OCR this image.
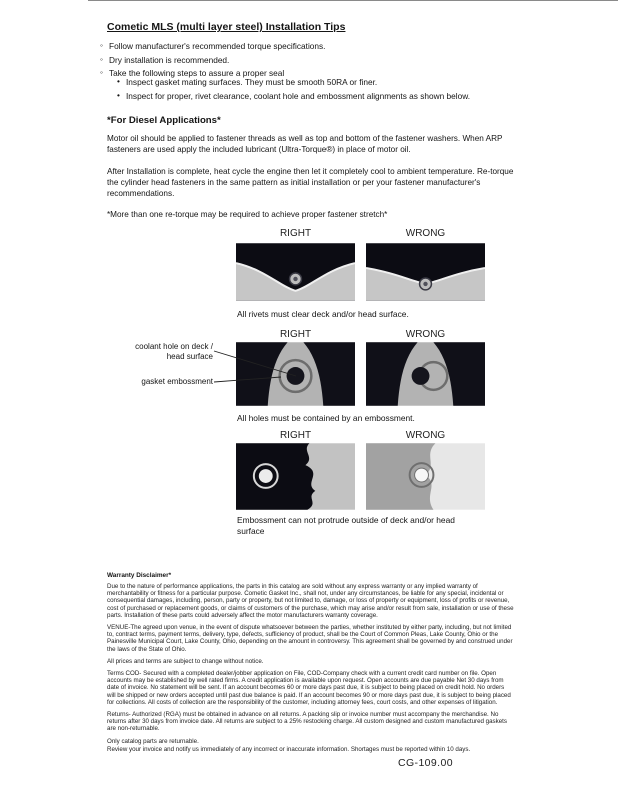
Cometic MLS (multi layer steel) Installation Tips
◦ Follow manufacturer's recommended torque specifications.
◦ Dry installation is recommended.
◦ Take the following steps to assure a proper seal
• Inspect gasket mating surfaces. They must be smooth 50RA or finer.
• Inspect for proper, rivet clearance, coolant hole and embossment alignments as shown below.
*For Diesel Applications*

Motor oil should be applied to fastener threads as well as top and bottom of the fastener washers. When ARP fasteners are used apply the included lubricant (Ultra-Torque®) in place of motor oil.

After Installation is complete, heat cycle the engine then let it completely cool to ambient temperature. Re-torque the cylinder head fasteners in the same pattern as initial installation or per your fastener manufacturer's recommendations.

*More than one re-torque may be required to achieve proper fastener stretch*

RIGHT	WRONG

All rivets must clear deck and/or head surface.

RIGHT	WRONG
coolant hole on deck / head surface
gasket embossment

All holes must be contained by an embossment.

RIGHT	WRONG

Embossment can not protrude outside of deck and/or head surface

Warranty Disclaimer*

Due to the nature of performance applications, the parts in this catalog are sold without any express warranty or any implied warranty of merchantability or fitness for a particular purpose. Cometic Gasket Inc., shall not, under any circumstances, be liable for any special, incidental or consequential damages, including, person, party or property, but not limited to, damage, or loss of property or equipment, loss of profits or revenue, cost of purchased or replacement goods, or claims of customers of the purchase, which may arise and/or result from sale, installation or use of these parts. Installation of these parts could adversely affect the motor manufacturers warranty coverage.

VENUE-The agreed upon venue, in the event of dispute whatsoever between the parties, whether instituted by either party, including, but not limited to, contract terms, payment terms, delivery, type, defects, sufficiency of product, shall be the Court of Common Pleas, Lake County, Ohio or the Painesville Municipal Court, Lake County, Ohio, depending on the amount in controversy. This agreement shall be governed by and construed under the laws of the State of Ohio.

All prices and terms are subject to change without notice.

Terms COD- Secured with a completed dealer/jobber application on File, COD-Company check with a current credit card number on file. Open accounts may be established by well rated firms. A credit application is available upon request. Open accounts are due payable Net 30 days from date of invoice. No statement will be sent. If an account becomes 60 or more days past due, it is subject to being placed on credit hold. No orders will be shipped or new orders accepted until past due balance is paid. If an account becomes 90 or more days past due, it is subject to being placed for collections. All costs of collection are the responsibility of the customer, including attorney fees, court costs, and other expenses of litigation.

Returns- Authorized (RGA) must be obtained in advance on all returns. A packing slip or invoice number must accompany the merchandise. No returns after 30 days from invoice date. All returns are subject to a 25% restocking charge. All custom designed and custom manufactured gaskets are non-returnable.

Only catalog parts are returnable.

Review your invoice and notify us immediately of any incorrect or inaccurate information. Shortages must be reported within 10 days.

CG-109.00
